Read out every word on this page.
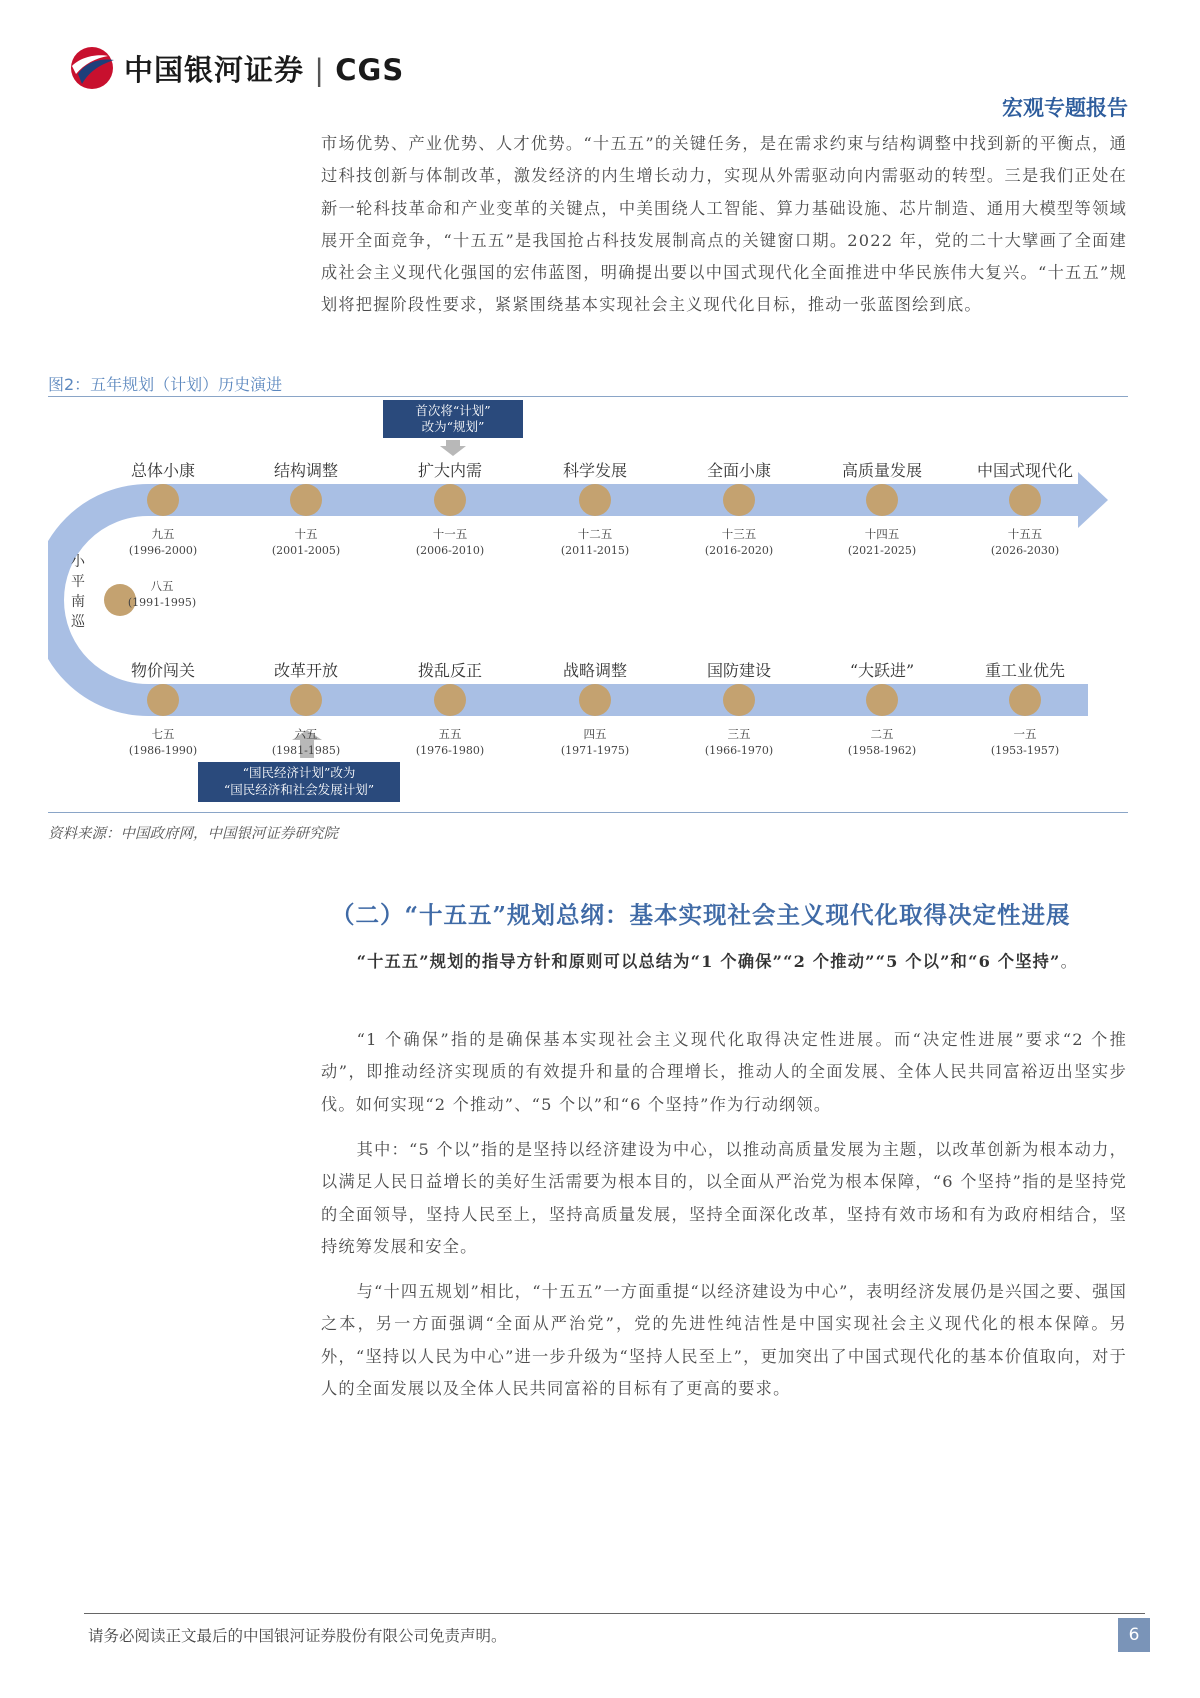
中国银河证券 | CGS
宏观专题报告

市场优势、产业优势、人才优势。“十五五”的关键任务，是在需求约束与结构调整中找到新的平衡点，通过科技创新与体制改革，激发经济的内生增长动力，实现从外需驱动向内需驱动的转型。三是我们正处在新一轮科技革命和产业变革的关键点，中美围绕人工智能、算力基础设施、芯片制造、通用大模型等领域展开全面竞争，“十五五”是我国抢占科技发展制高点的关键窗口期。2022 年，党的二十大擘画了全面建成社会主义现代化强国的宏伟蓝图，明确提出要以中国式现代化全面推进中华民族伟大复兴。“十五五”规划将把握阶段性要求，紧紧围绕基本实现社会主义现代化目标，推动一张蓝图绘到底。

图2：五年规划（计划）历史演进
首次将“计划”
改为“规划”
“国民经济计划”改为
“国民经济和社会发展计划”
小
平
南
巡
八五
(1991-1995)
总体小康
九五
(1996-2000)
结构调整
十五
(2001-2005)
扩大内需
十一五
(2006-2010)
科学发展
十二五
(2011-2015)
全面小康
十三五
(2016-2020)
高质量发展
十四五
(2021-2025)
中国式现代化
十五五
(2026-2030)
物价闯关
七五
(1986-1990)
改革开放
六五
(1981-1985)
拨乱反正
五五
(1976-1980)
战略调整
四五
(1971-1975)
国防建设
三五
(1966-1970)
“大跃进”
二五
(1958-1962)
重工业优先
一五
(1953-1957)
资料来源：中国政府网，中国银河证券研究院
（二）“十五五”规划总纲：基本实现社会主义现代化取得决定性进展

“十五五”规划的指导方针和原则可以总结为“1 个确保”“2 个推动”“5 个以”和“6 个坚持”。

“1 个确保”指的是确保基本实现社会主义现代化取得决定性进展。而“决定性进展”要求“2 个推动”，即推动经济实现质的有效提升和量的合理增长，推动人的全面发展、全体人民共同富裕迈出坚实步伐。如何实现“2 个推动”、“5 个以”和“6 个坚持”作为行动纲领。

其中：“5 个以”指的是坚持以经济建设为中心，以推动高质量发展为主题，以改革创新为根本动力，以满足人民日益增长的美好生活需要为根本目的，以全面从严治党为根本保障，“6 个坚持”指的是坚持党的全面领导，坚持人民至上，坚持高质量发展，坚持全面深化改革，坚持有效市场和有为政府相结合，坚持统筹发展和安全。

与“十四五规划”相比，“十五五”一方面重提“以经济建设为中心”，表明经济发展仍是兴国之要、强国之本，另一方面强调“全面从严治党”，党的先进性纯洁性是中国实现社会主义现代化的根本保障。另外，“坚持以人民为中心”进一步升级为“坚持人民至上”，更加突出了中国式现代化的基本价值取向，对于人的全面发展以及全体人民共同富裕的目标有了更高的要求。

请务必阅读正文最后的中国银河证券股份有限公司免责声明。	6
